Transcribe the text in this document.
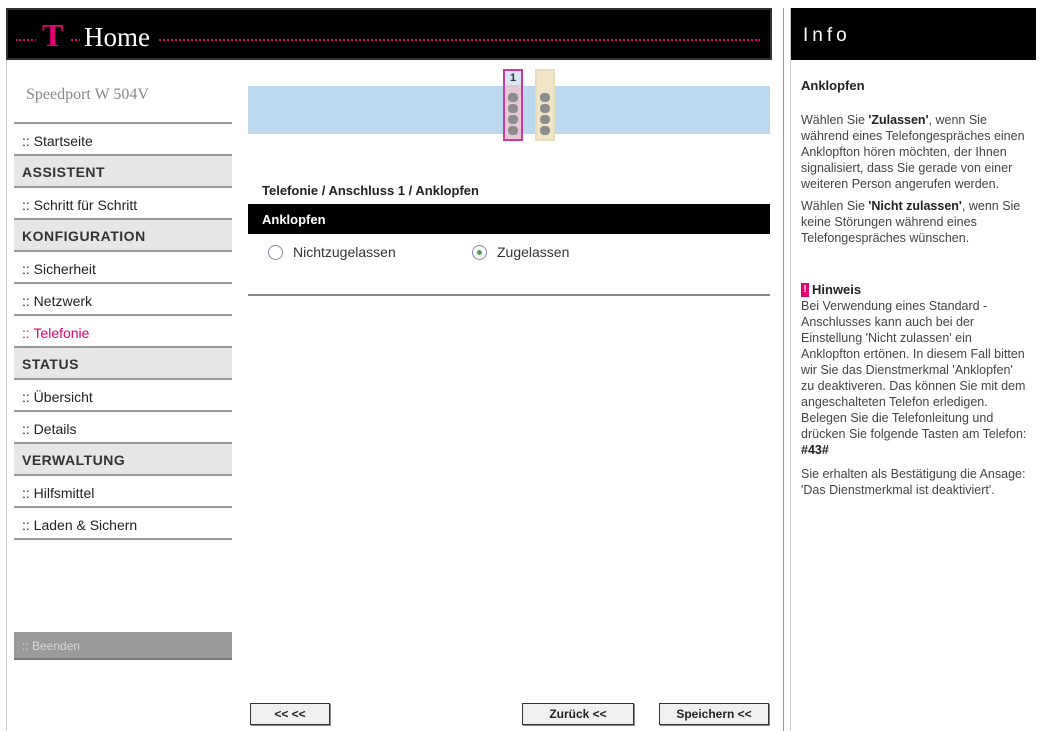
T Home
Speedport W 504V
:: Startseite
ASSISTENT
:: Schritt für Schritt
KONFIGURATION
:: Sicherheit
:: Netzwerk
:: Telefonie
STATUS
:: Übersicht
:: Details
VERWALTUNG
:: Hilfsmittel
:: Laden & Sichern
:: Beenden
1
Telefonie / Anschluss 1 / Anklopfen
Anklopfen
Nichtzugelassen	Zugelassen
<< <<	Zurück <<	Speichern <<
Info
Anklopfen

Wählen Sie 'Zulassen', wenn Sie während eines Telefongespräches einen Anklopfton hören möchten, der Ihnen signalisiert, dass Sie gerade von einer weiteren Person angerufen werden.

Wählen Sie 'Nicht zulassen', wenn Sie keine Störungen während eines Telefongespräches wünschen.

! Hinweis

Bei Verwendung eines Standard -Anschlusses kann auch bei der Einstellung 'Nicht zulassen' ein Anklopfton ertönen. In diesem Fall bitten wir Sie das Dienstmerkmal 'Anklopfen' zu deaktiveren. Das können Sie mit dem angeschalteten Telefon erledigen. Belegen Sie die Telefonleitung und drücken Sie folgende Tasten am Telefon:

#43#

Sie erhalten als Bestätigung die Ansage: 'Das Dienstmerkmal ist deaktiviert'.
